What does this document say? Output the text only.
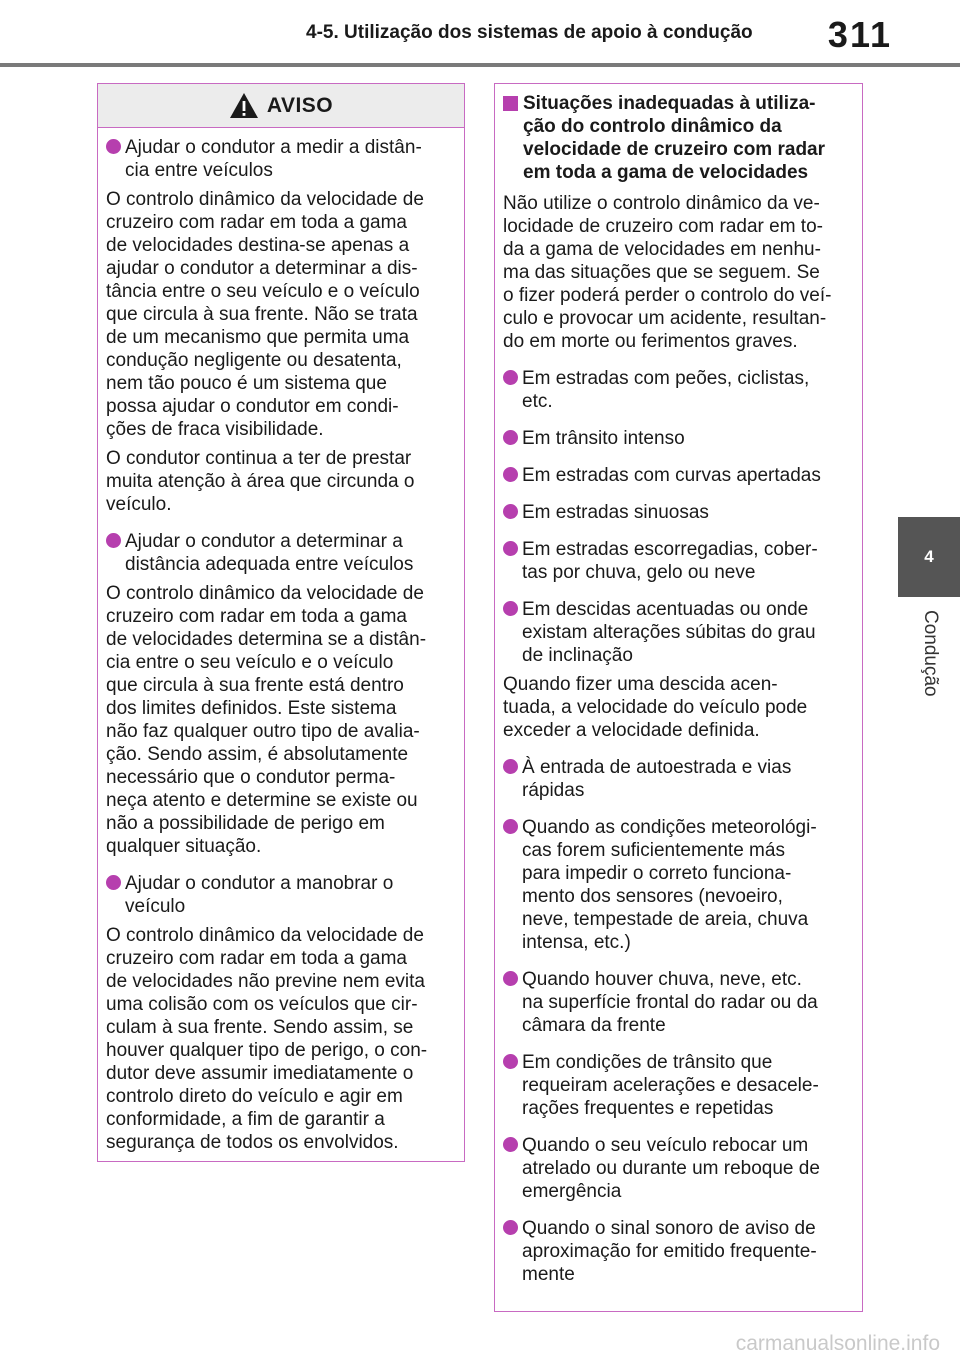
4-5. Utilização dos sistemas de apoio à condução 311
4
Condução
AVISO
Ajudar o condutor a medir a distân-
cia entre veículos
O controlo dinâmico da velocidade de
cruzeiro com radar em toda a gama
de velocidades destina-se apenas a
ajudar o condutor a determinar a dis-
tância entre o seu veículo e o veículo
que circula à sua frente. Não se trata
de um mecanismo que permita uma
condução negligente ou desatenta,
nem tão pouco é um sistema que
possa ajudar o condutor em condi-
ções de fraca visibilidade.
O condutor continua a ter de prestar
muita atenção à área que circunda o
veículo.
Ajudar o condutor a determinar a
distância adequada entre veículos
O controlo dinâmico da velocidade de
cruzeiro com radar em toda a gama
de velocidades determina se a distân-
cia entre o seu veículo e o veículo
que circula à sua frente está dentro
dos limites definidos. Este sistema
não faz qualquer outro tipo de avalia-
ção. Sendo assim, é absolutamente
necessário que o condutor perma-
neça atento e determine se existe ou
não a possibilidade de perigo em
qualquer situação.
Ajudar o condutor a manobrar o
veículo
O controlo dinâmico da velocidade de
cruzeiro com radar em toda a gama
de velocidades não previne nem evita
uma colisão com os veículos que cir-
culam à sua frente. Sendo assim, se
houver qualquer tipo de perigo, o con-
dutor deve assumir imediatamente o
controlo direto do veículo e agir em
conformidade, a fim de garantir a
segurança de todos os envolvidos.
Situações inadequadas à utiliza-
ção do controlo dinâmico da
velocidade de cruzeiro com radar
em toda a gama de velocidades
Não utilize o controlo dinâmico da ve-
locidade de cruzeiro com radar em to-
da a gama de velocidades em nenhu-
ma das situações que se seguem. Se
o fizer poderá perder o controlo do veí-
culo e provocar um acidente, resultan-
do em morte ou ferimentos graves.
Em estradas com peões, ciclistas,
etc.
Em trânsito intenso
Em estradas com curvas apertadas
Em estradas sinuosas
Em estradas escorregadias, cober-
tas por chuva, gelo ou neve
Em descidas acentuadas ou onde
existam alterações súbitas do grau
de inclinação
Quando fizer uma descida acen-
tuada, a velocidade do veículo pode
exceder a velocidade definida.
À entrada de autoestrada e vias
rápidas
Quando as condições meteorológi-
cas forem suficientemente más
para impedir o correto funciona-
mento dos sensores (nevoeiro,
neve, tempestade de areia, chuva
intensa, etc.)
Quando houver chuva, neve, etc.
na superfície frontal do radar ou da
câmara da frente
Em condições de trânsito que
requeiram acelerações e desacele-
rações frequentes e repetidas
Quando o seu veículo rebocar um
atrelado ou durante um reboque de
emergência
Quando o sinal sonoro de aviso de
aproximação for emitido frequente-
mente
carmanualsonline.info
